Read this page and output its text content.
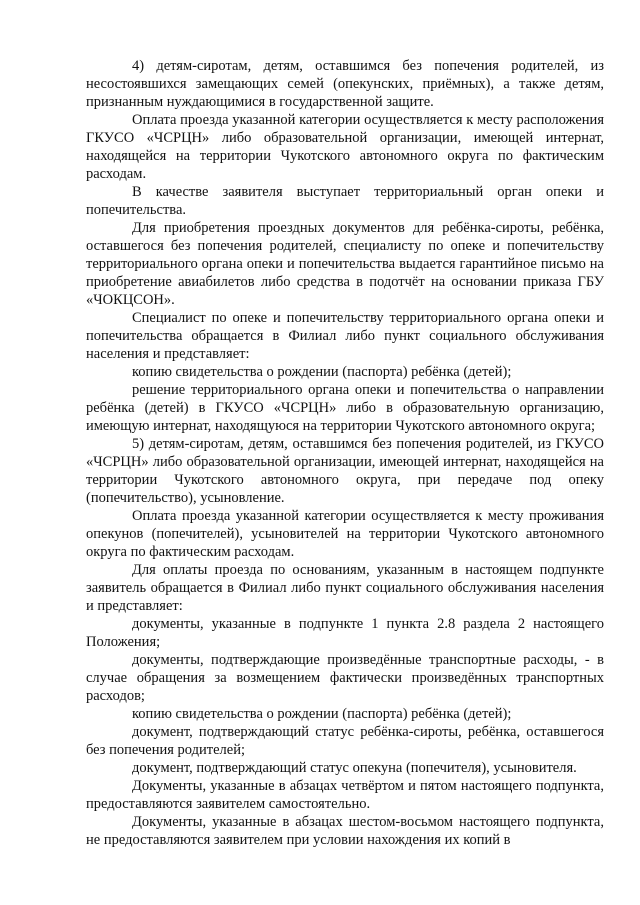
4) детям-сиротам, детям, оставшимся без попечения родителей, из несостоявшихся замещающих семей (опекунских, приёмных), а также детям, признанным нуждающимися в государственной защите.

Оплата проезда указанной категории осуществляется к месту расположения ГКУСО «ЧСРЦН» либо образовательной организации, имеющей интернат, находящейся на территории Чукотского автономного округа по фактическим расходам.

В качестве заявителя выступает территориальный орган опеки и попечительства.

Для приобретения проездных документов для ребёнка-сироты, ребёнка, оставшегося без попечения родителей, специалисту по опеке и попечительству территориального органа опеки и попечительства выдается гарантийное письмо на приобретение авиабилетов либо средства в подотчёт на основании приказа ГБУ «ЧОКЦСОН».

Специалист по опеке и попечительству территориального органа опеки и попечительства обращается в Филиал либо пункт социального обслуживания населения и представляет:

копию свидетельства о рождении (паспорта) ребёнка (детей);

решение территориального органа опеки и попечительства о направлении ребёнка (детей) в ГКУСО «ЧСРЦН» либо в образовательную организацию, имеющую интернат, находящуюся на территории Чукотского автономного округа;

5) детям-сиротам, детям, оставшимся без попечения родителей, из ГКУСО «ЧСРЦН» либо образовательной организации, имеющей интернат, находящейся на территории Чукотского автономного округа, при передаче под опеку (попечительство), усыновление.

Оплата проезда указанной категории осуществляется к месту проживания опекунов (попечителей), усыновителей на территории Чукотского автономного округа по фактическим расходам.

Для оплаты проезда по основаниям, указанным в настоящем подпункте заявитель обращается в Филиал либо пункт социального обслуживания населения и представляет:

документы, указанные в подпункте 1 пункта 2.8 раздела 2 настоящего Положения;

документы, подтверждающие произведённые транспортные расходы, - в случае обращения за возмещением фактически произведённых транспортных расходов;

копию свидетельства о рождении (паспорта) ребёнка (детей);

документ, подтверждающий статус ребёнка-сироты, ребёнка, оставшегося без попечения родителей;

документ, подтверждающий статус опекуна (попечителя), усыновителя.

Документы, указанные в абзацах четвёртом и пятом настоящего подпункта, предоставляются заявителем самостоятельно.

Документы, указанные в абзацах шестом-восьмом настоящего подпункта, не предоставляются заявителем при условии нахождения их копий в
